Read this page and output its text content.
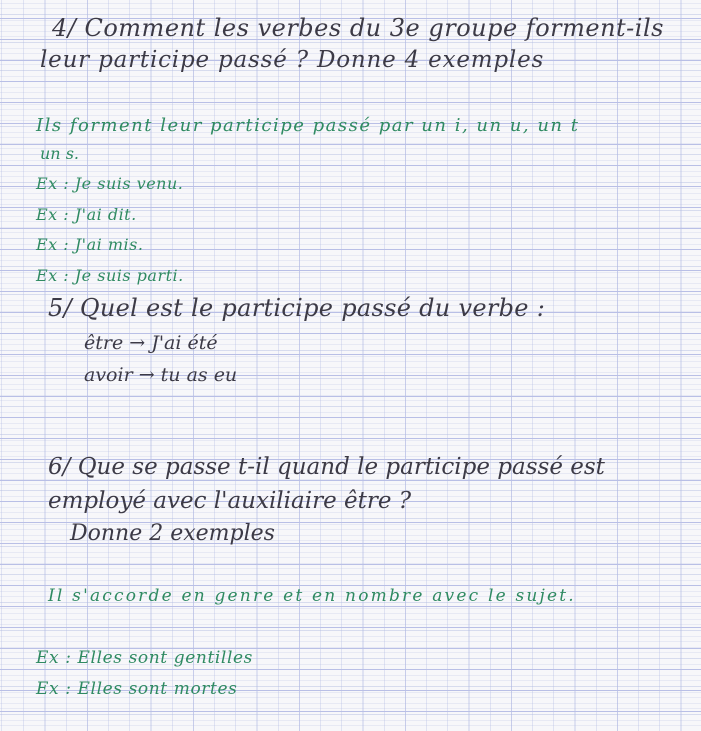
4/ Comment les verbes du 3e groupe forment-ils

leur participe passé ? Donne 4 exemples

Ils forment leur participe passé par un i, un u, un t

un s.

Ex : Je suis venu.

Ex : J'ai dit.

Ex : J'ai mis.

Ex : Je suis parti.

5/ Quel est le participe passé du verbe :

être → J'ai été

avoir → tu as eu

6/ Que se passe t-il quand le participe passé est

employé avec l'auxiliaire être ?

Donne 2 exemples

Il s'accorde en genre et en nombre avec le sujet.

Ex : Elles sont gentilles

Ex : Elles sont mortes
